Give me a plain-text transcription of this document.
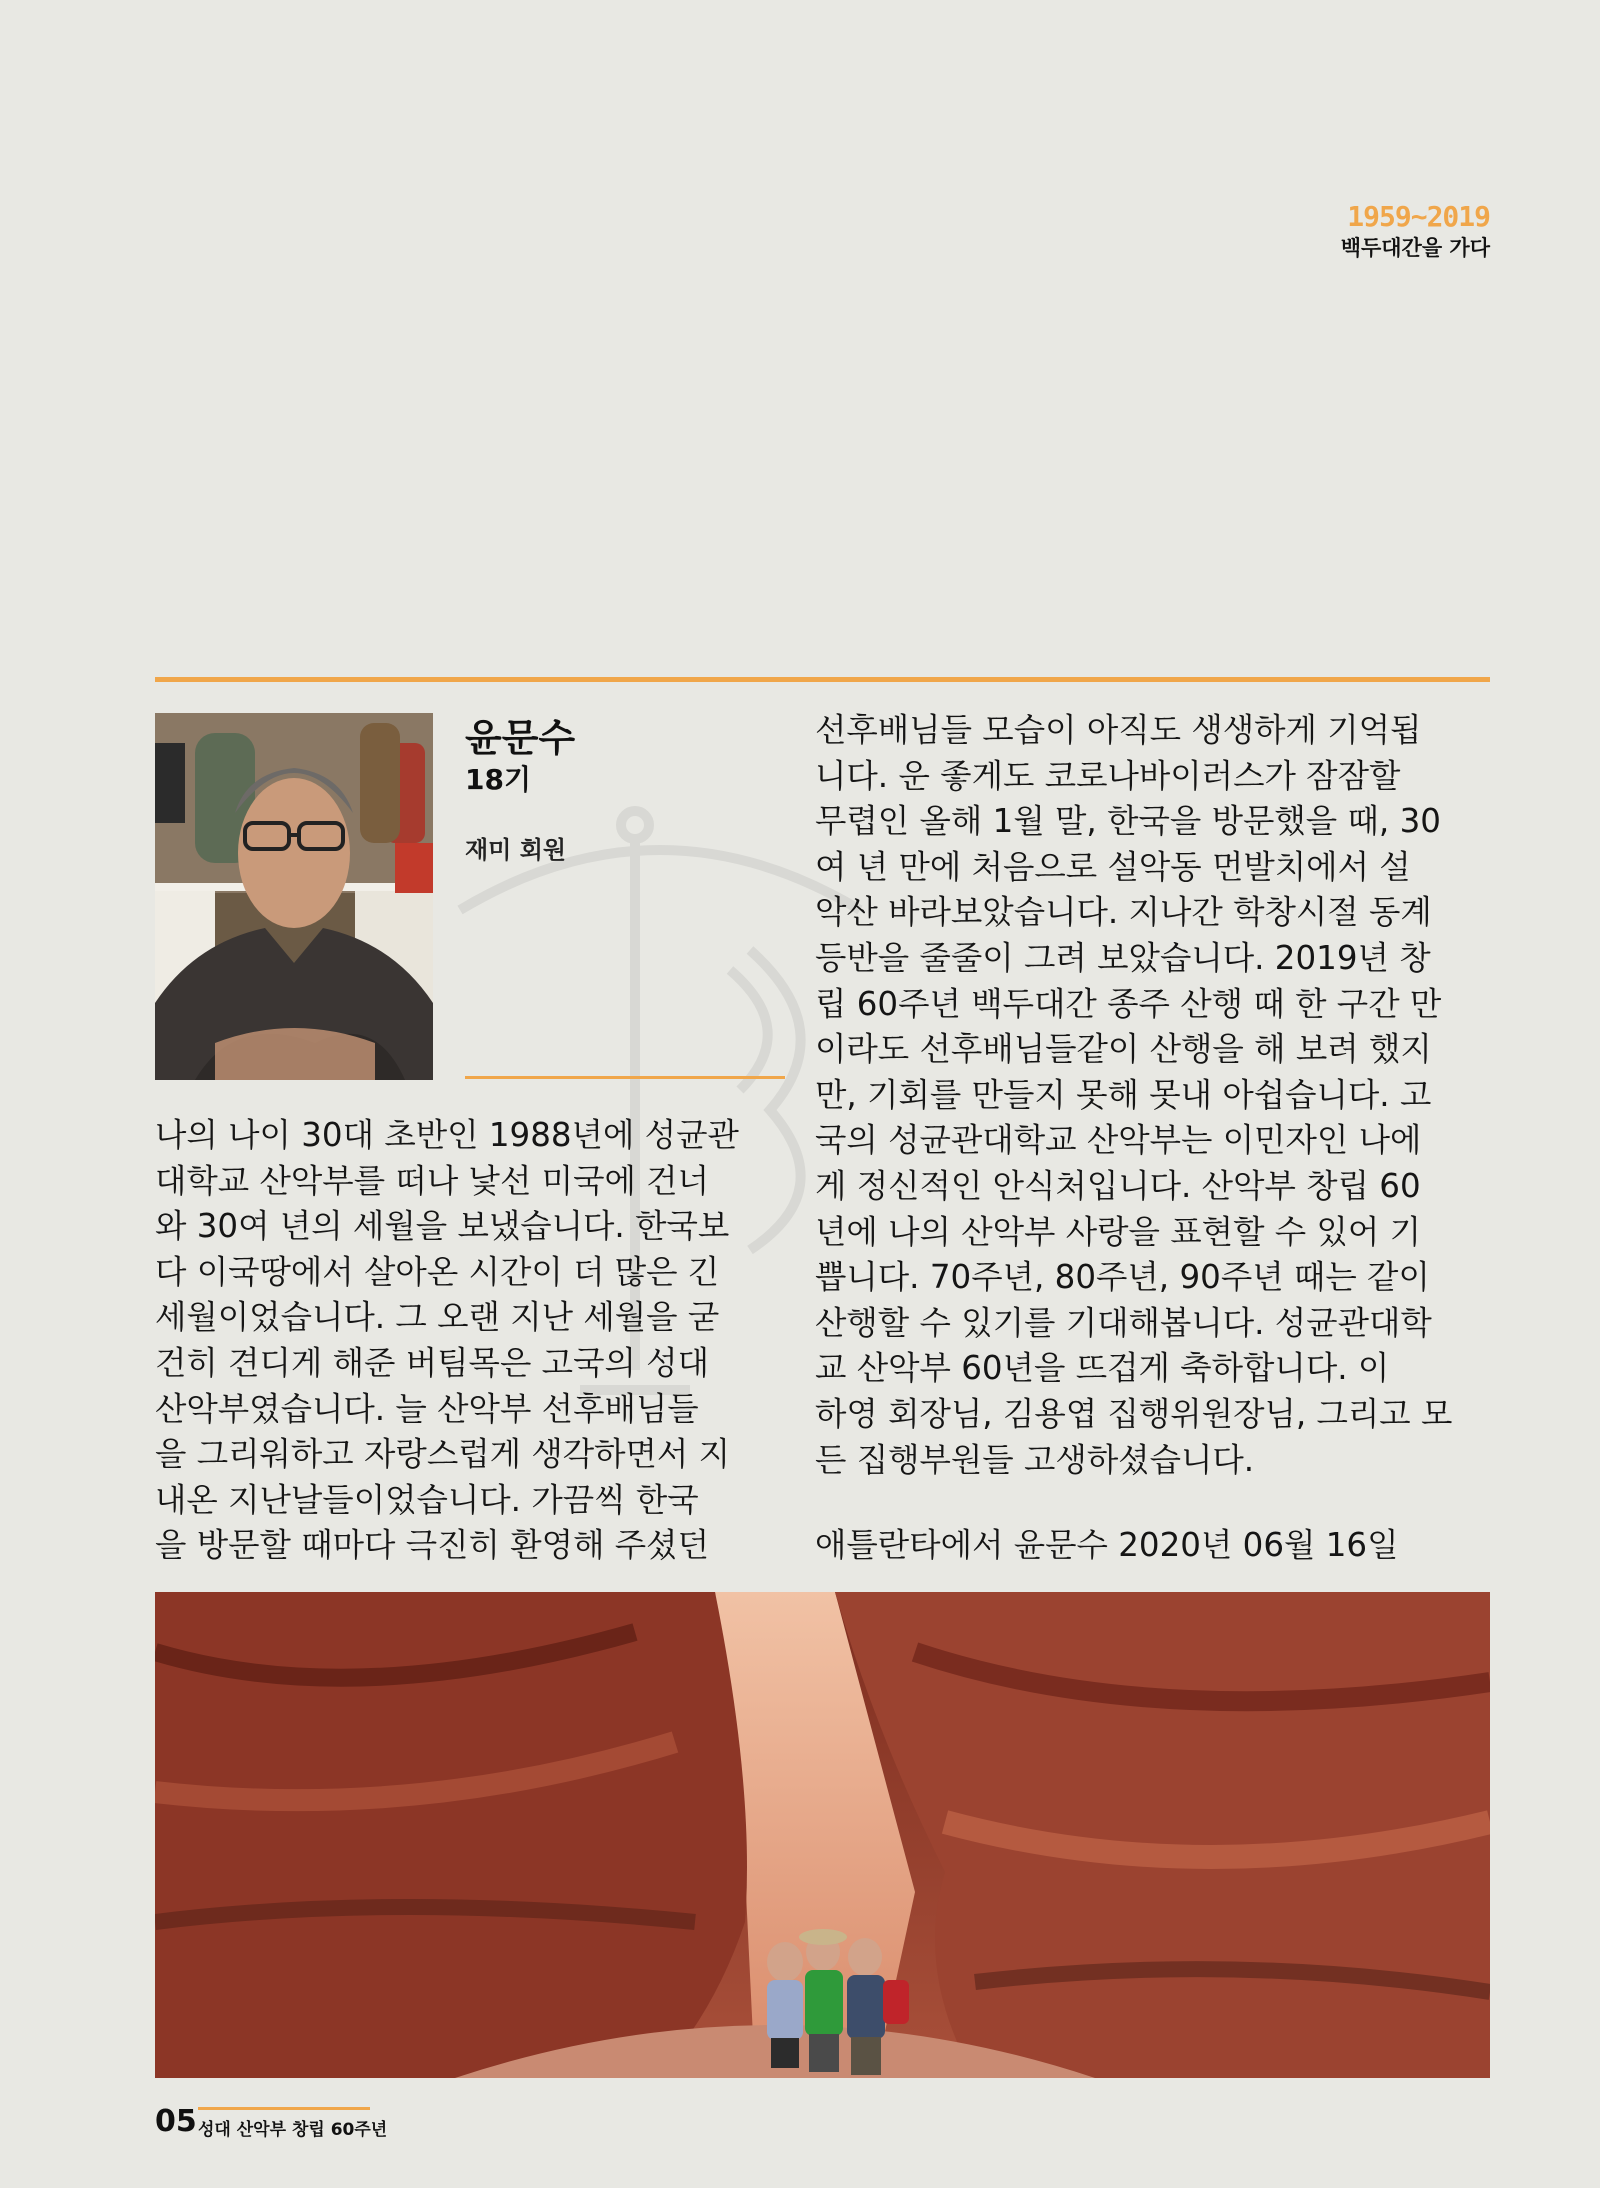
1959~2019
백두대간을 가다
윤문수
18기
재미 회원

나의 나이 30대 초반인 1988년에 성균관
대학교 산악부를 떠나 낯선 미국에 건너
와 30여 년의 세월을 보냈습니다. 한국보
다 이국땅에서 살아온 시간이 더 많은 긴
세월이었습니다. 그 오랜 지난 세월을 굳
건히 견디게 해준 버팀목은 고국의 성대
산악부였습니다. 늘 산악부 선후배님들
을 그리워하고 자랑스럽게 생각하면서 지
내온 지난날들이었습니다. 가끔씩 한국
을 방문할 때마다 극진히 환영해 주셨던

선후배님들 모습이 아직도 생생하게 기억됩
니다. 운 좋게도 코로나바이러스가 잠잠할
무렵인 올해 1월 말, 한국을 방문했을 때, 30
여 년 만에 처음으로 설악동 먼발치에서 설
악산 바라보았습니다. 지나간 학창시절 동계
등반을 줄줄이 그려 보았습니다. 2019년 창
립 60주년 백두대간 종주 산행 때 한 구간 만
이라도 선후배님들같이 산행을 해 보려 했지
만, 기회를 만들지 못해 못내 아쉽습니다. 고
국의 성균관대학교 산악부는 이민자인 나에
게 정신적인 안식처입니다. 산악부 창립 60
년에 나의 산악부 사랑을 표현할 수 있어 기
쁩니다. 70주년, 80주년, 90주년 때는 같이
산행할 수 있기를 기대해봅니다. 성균관대학
교 산악부 60년을 뜨겁게 축하합니다. 이
하영 회장님, 김용엽 집행위원장님, 그리고 모
든 집행부원들 고생하셨습니다.

애틀란타에서 윤문수 2020년 06월 16일
05 성대 산악부 창립 60주년
